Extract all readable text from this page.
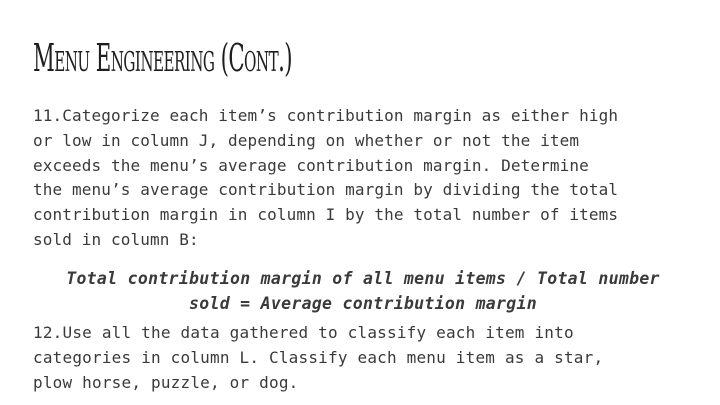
Menu Engineering (Cont.)

11.Categorize each item’s contribution margin as either high
or low in column J, depending on whether or not the item
exceeds the menu’s average contribution margin. Determine
the menu’s average contribution margin by dividing the total
contribution margin in column I by the total number of items
sold in column B:

Total contribution margin of all menu items / Total number
sold = Average contribution margin

12.Use all the data gathered to classify each item into
categories in column L. Classify each menu item as a star,
plow horse, puzzle, or dog.
